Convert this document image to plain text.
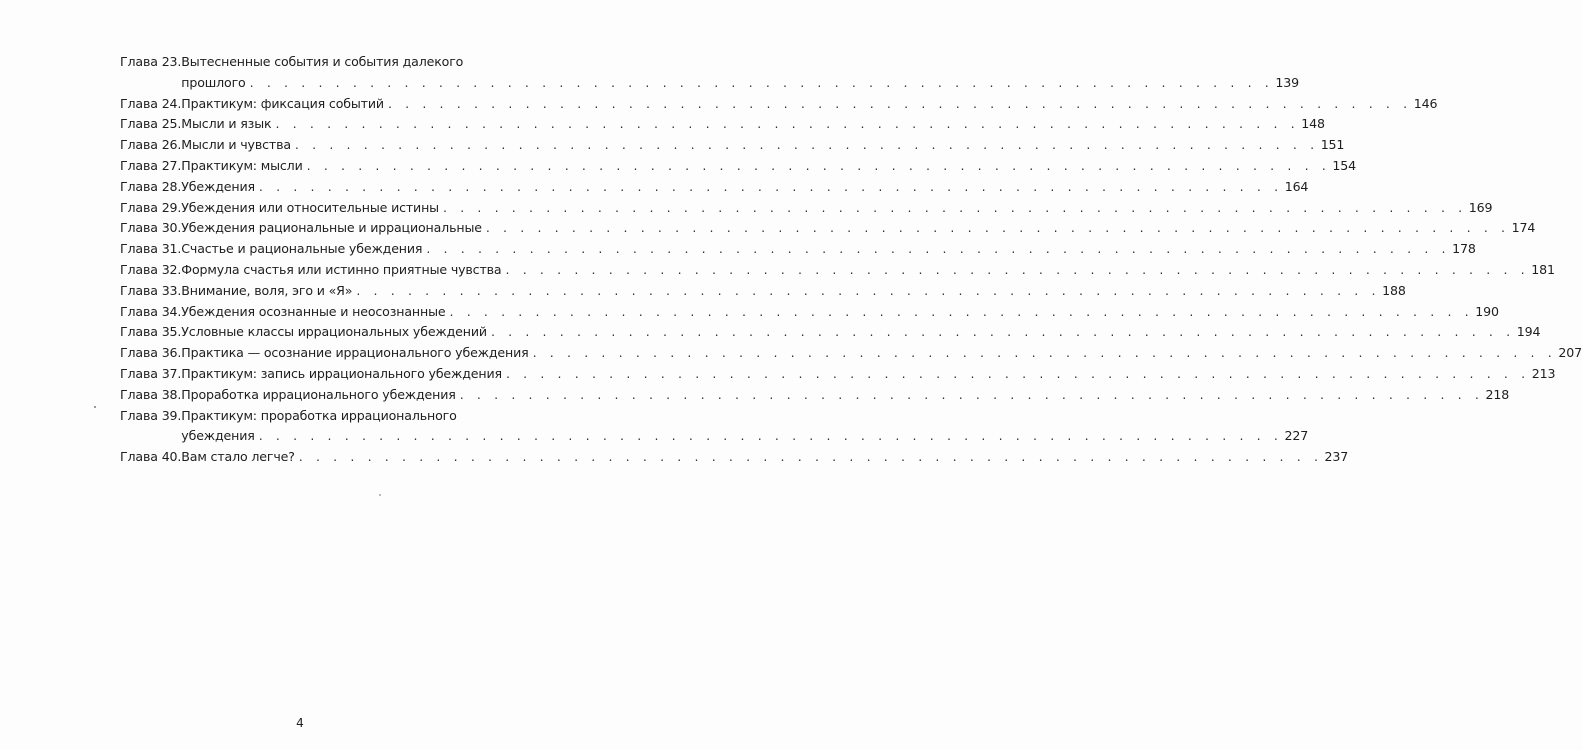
Глава 23. Вытесненные события и события далекого
прошлого . . .	139
Глава 24. Практикум: фиксация событий . . .	146
Глава 25. Мысли и язык . . .	148
Глава 26. Мысли и чувства . . .	151
Глава 27. Практикум: мысли . . .	154
Глава 28. Убеждения . . .	164
Глава 29. Убеждения или относительные истины . . .	169
Глава 30. Убеждения рациональные и иррациональные . . .	174
Глава 31. Счастье и рациональные убеждения . . .	178
Глава 32. Формула счастья или истинно приятные чувства . . .	181
Глава 33. Внимание, воля, эго и «Я» . . .	188
Глава 34. Убеждения осознанные и неосознанные . . .	190
Глава 35. Условные классы иррациональных убеждений . . .	194
Глава 36. Практика — осознание иррационального убеждения . . .	207
Глава 37. Практикум: запись иррационального убеждения . . .	213
Глава 38. Проработка иррационального убеждения . . .	218
Глава 39. Практикум: проработка иррационального
убеждения . . .	227
Глава 40. Вам стало легче? . . .	237
4
